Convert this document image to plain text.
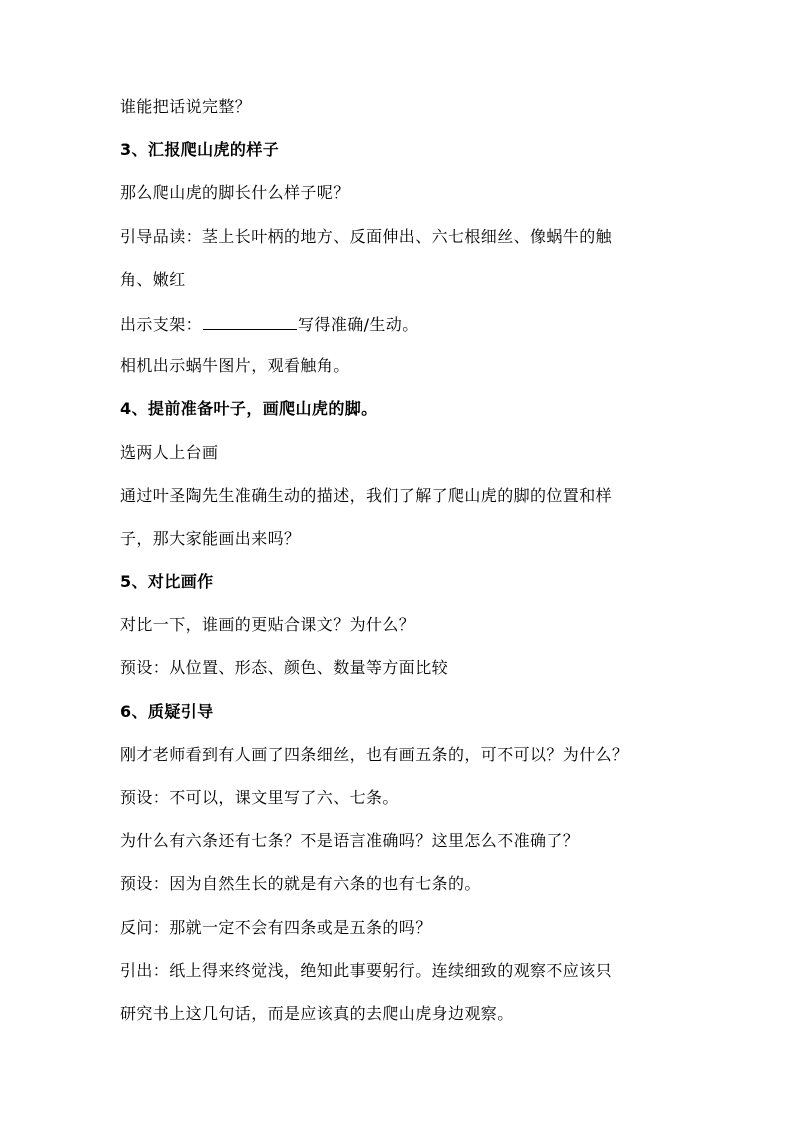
谁能把话说完整？
3、汇报爬山虎的样子
那么爬山虎的脚长什么样子呢？
引导品读：茎上长叶柄的地方、反面伸出、六七根细丝、像蜗牛的触
角、嫩红
出示支架：	写得准确/生动。
相机出示蜗牛图片，观看触角。
4、提前准备叶子，画爬山虎的脚。
选两人上台画
通过叶圣陶先生准确生动的描述，我们了解了爬山虎的脚的位置和样
子，那大家能画出来吗？
5、对比画作
对比一下，谁画的更贴合课文？为什么？
预设：从位置、形态、颜色、数量等方面比较
6、质疑引导
刚才老师看到有人画了四条细丝，也有画五条的，可不可以？为什么？
预设：不可以，课文里写了六、七条。
为什么有六条还有七条？不是语言准确吗？这里怎么不准确了？
预设：因为自然生长的就是有六条的也有七条的。
反问：那就一定不会有四条或是五条的吗？
引出：纸上得来终觉浅，绝知此事要躬行。连续细致的观察不应该只
研究书上这几句话，而是应该真的去爬山虎身边观察。
